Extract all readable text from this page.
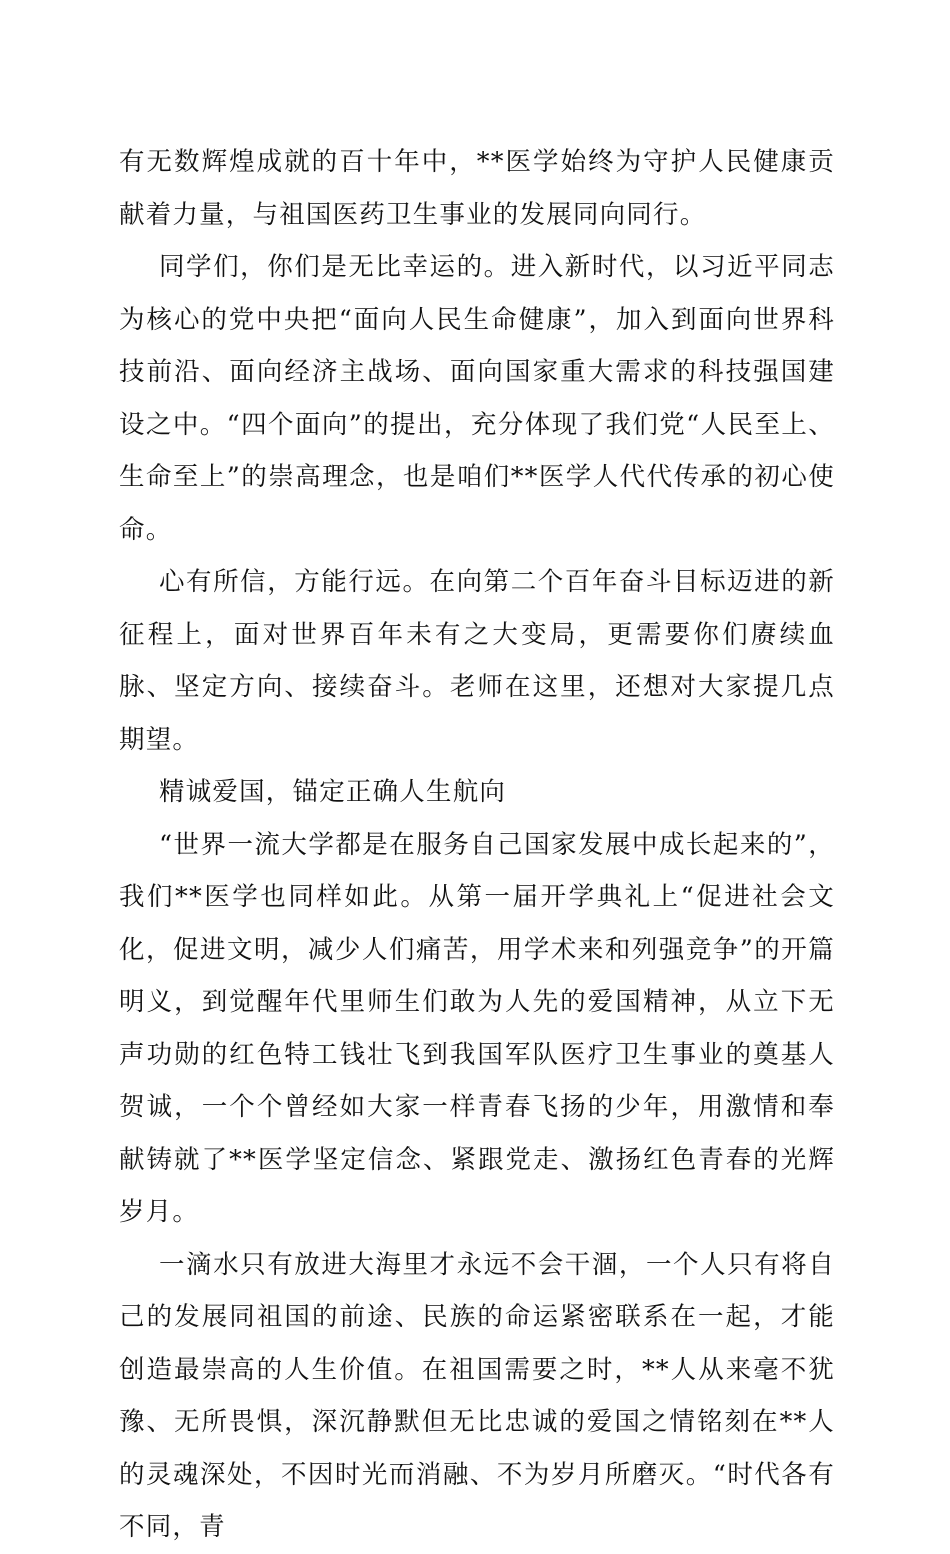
有无数辉煌成就的百十年中，**医学始终为守护人民健康贡献着力量，与祖国医药卫生事业的发展同向同行。

同学们，你们是无比幸运的。进入新时代，以习近平同志为核心的党中央把“面向人民生命健康”，加入到面向世界科技前沿、面向经济主战场、面向国家重大需求的科技强国建设之中。“四个面向”的提出，充分体现了我们党“人民至上、生命至上”的崇高理念，也是咱们**医学人代代传承的初心使命。

心有所信，方能行远。在向第二个百年奋斗目标迈进的新征程上，面对世界百年未有之大变局，更需要你们赓续血脉、坚定方向、接续奋斗。老师在这里，还想对大家提几点期望。

精诚爱国，锚定正确人生航向

“世界一流大学都是在服务自己国家发展中成长起来的”，我们**医学也同样如此。从第一届开学典礼上“促进社会文化，促进文明，减少人们痛苦，用学术来和列强竞争”的开篇明义，到觉醒年代里师生们敢为人先的爱国精神，从立下无声功勋的红色特工钱壮飞到我国军队医疗卫生事业的奠基人贺诚，一个个曾经如大家一样青春飞扬的少年，用激情和奉献铸就了**医学坚定信念、紧跟党走、激扬红色青春的光辉岁月。

一滴水只有放进大海里才永远不会干涸，一个人只有将自己的发展同祖国的前途、民族的命运紧密联系在一起，才能创造最崇高的人生价值。在祖国需要之时，**人从来毫不犹豫、无所畏惧，深沉静默但无比忠诚的爱国之情铭刻在**人的灵魂深处，不因时光而消融、不为岁月所磨灭。“时代各有不同，青
